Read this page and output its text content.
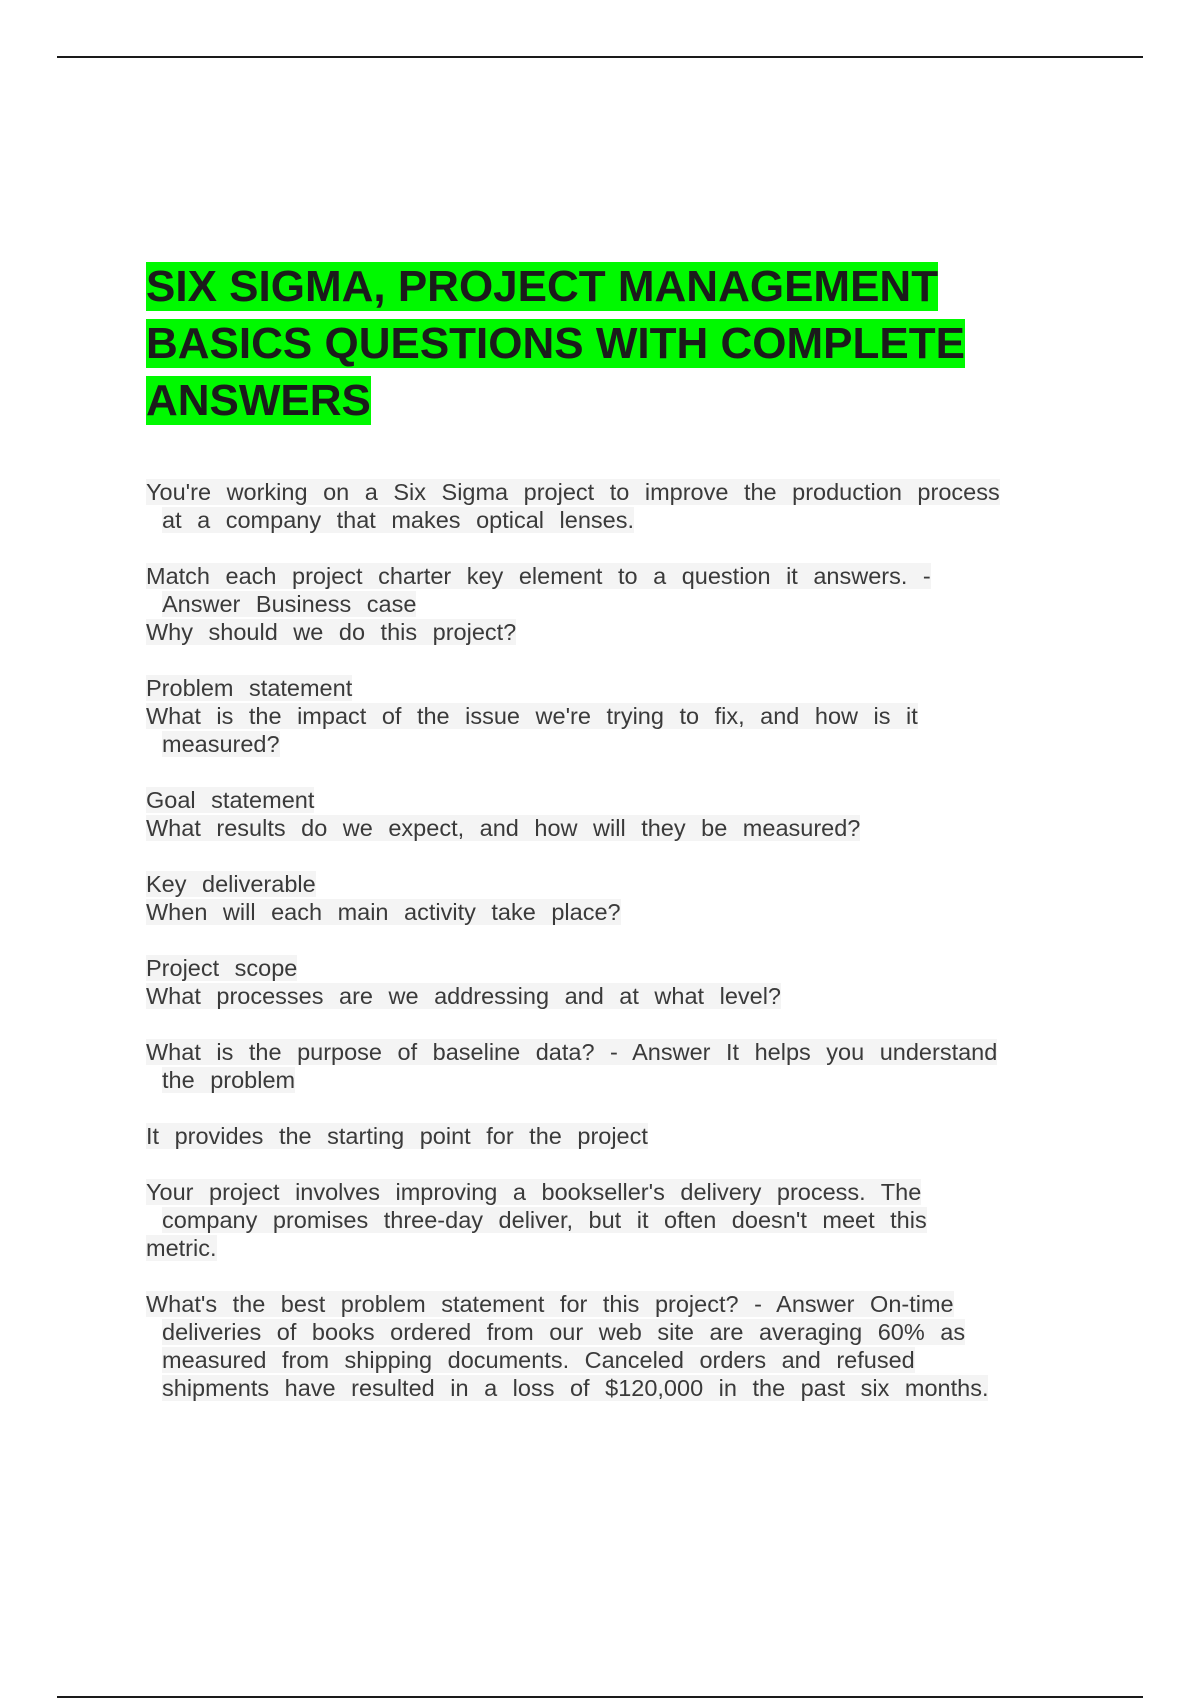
SIX SIGMA, PROJECT MANAGEMENT
BASICS QUESTIONS WITH COMPLETE
ANSWERS

You're working on a Six Sigma project to improve the production process
at a company that makes optical lenses.

Match each project charter key element to a question it answers. -
Answer Business case
Why should we do this project?

Problem statement
What is the impact of the issue we're trying to fix, and how is it
measured?

Goal statement
What results do we expect, and how will they be measured?

Key deliverable
When will each main activity take place?

Project scope
What processes are we addressing and at what level?

What is the purpose of baseline data? - Answer It helps you understand
the problem

It provides the starting point for the project

Your project involves improving a bookseller's delivery process. The
company promises three-day deliver, but it often doesn't meet this
metric.

What's the best problem statement for this project? - Answer On-time
deliveries of books ordered from our web site are averaging 60% as
measured from shipping documents. Canceled orders and refused
shipments have resulted in a loss of $120,000 in the past six months.
